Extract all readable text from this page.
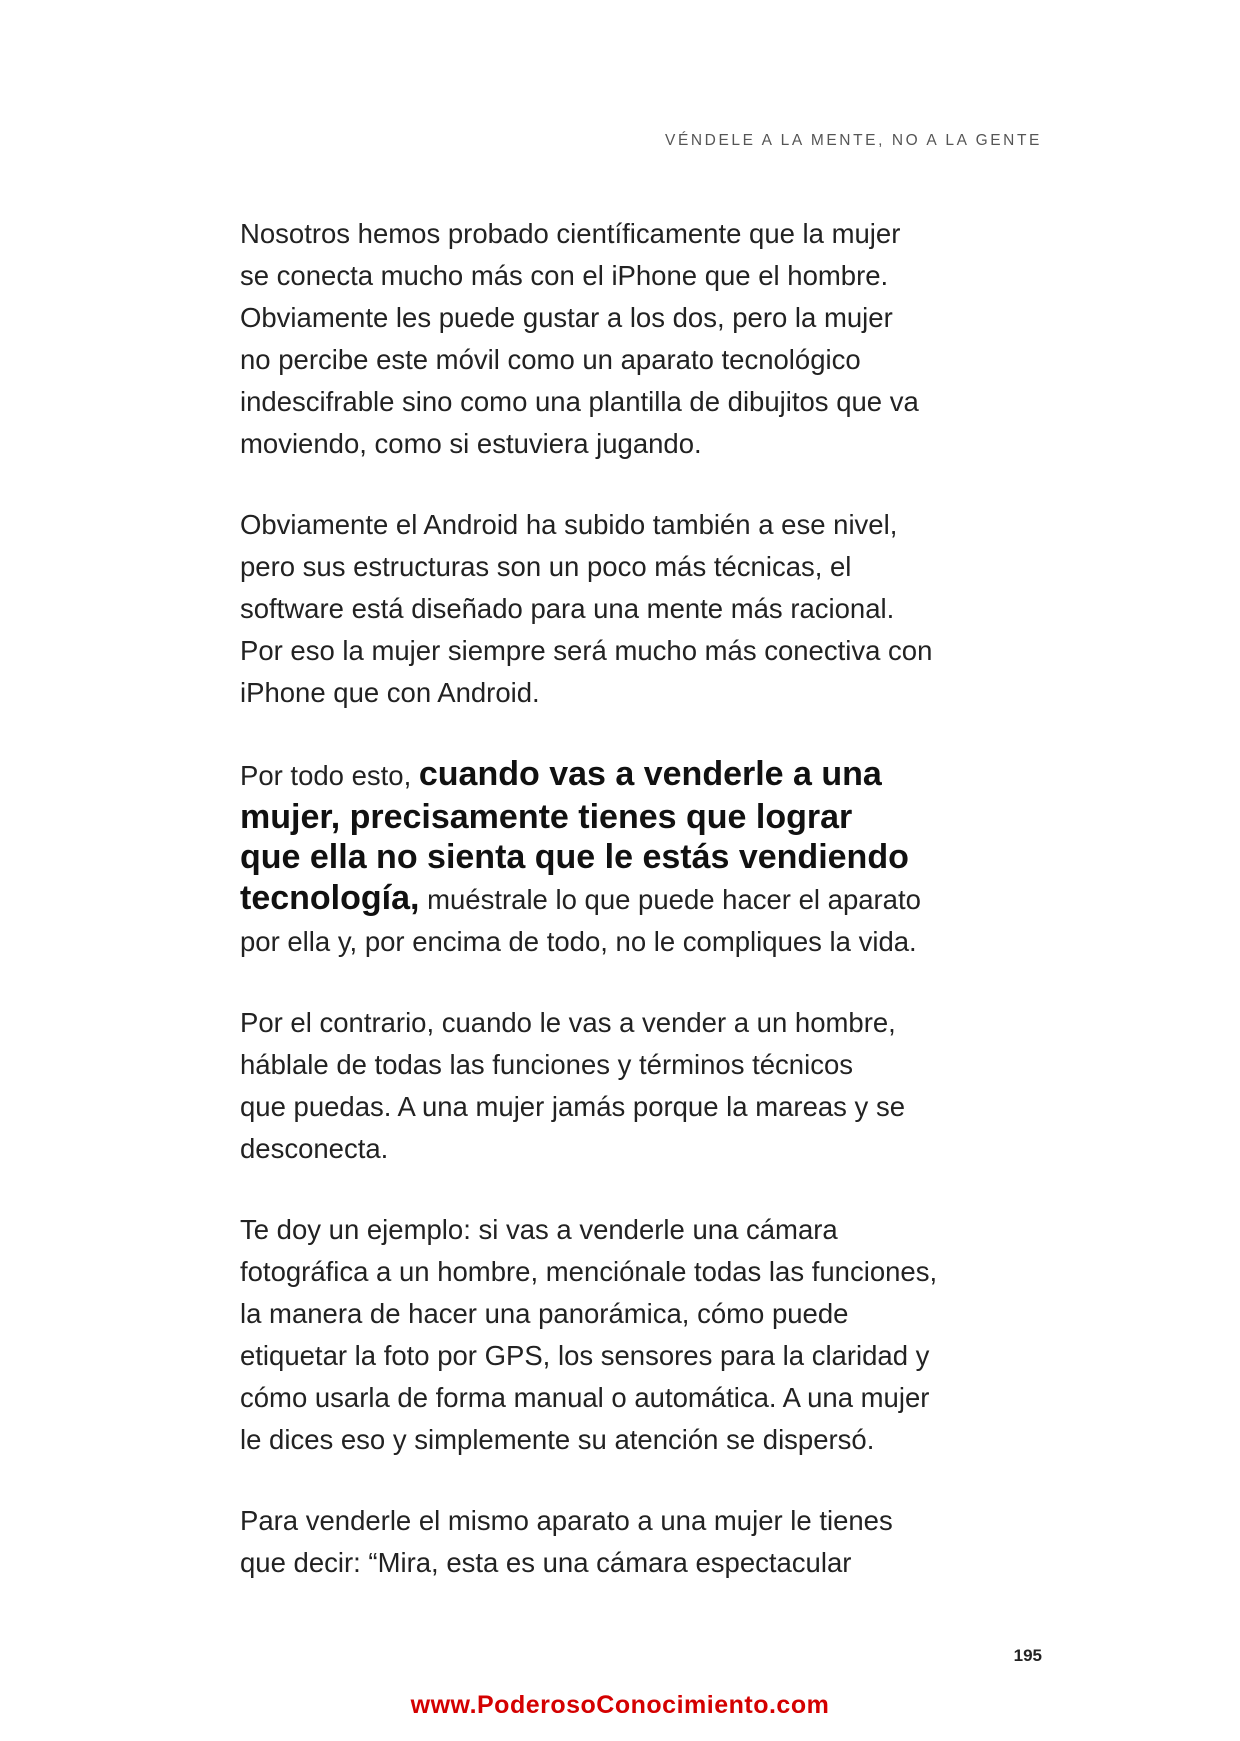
VÉNDELE A LA MENTE, NO A LA GENTE
Nosotros hemos probado científicamente que la mujer
se conecta mucho más con el iPhone que el hombre.
Obviamente les puede gustar a los dos, pero la mujer
no percibe este móvil como un aparato tecnológico
indescifrable sino como una plantilla de dibujitos que va
moviendo, como si estuviera jugando.
Obviamente el Android ha subido también a ese nivel,
pero sus estructuras son un poco más técnicas, el
software está diseñado para una mente más racional.
Por eso la mujer siempre será mucho más conectiva con
iPhone que con Android.
Por todo esto, cuando vas a venderle a una
mujer, precisamente tienes que lograr
que ella no sienta que le estás vendiendo
tecnología, muéstrale lo que puede hacer el aparato
por ella y, por encima de todo, no le compliques la vida.
Por el contrario, cuando le vas a vender a un hombre,
háblale de todas las funciones y términos técnicos
que puedas. A una mujer jamás porque la mareas y se
desconecta.
Te doy un ejemplo: si vas a venderle una cámara
fotográfica a un hombre, menciónale todas las funciones,
la manera de hacer una panorámica, cómo puede
etiquetar la foto por GPS, los sensores para la claridad y
cómo usarla de forma manual o automática. A una mujer
le dices eso y simplemente su atención se dispersó.
Para venderle el mismo aparato a una mujer le tienes
que decir: “Mira, esta es una cámara espectacular
195
www.PoderosoConocimiento.com
